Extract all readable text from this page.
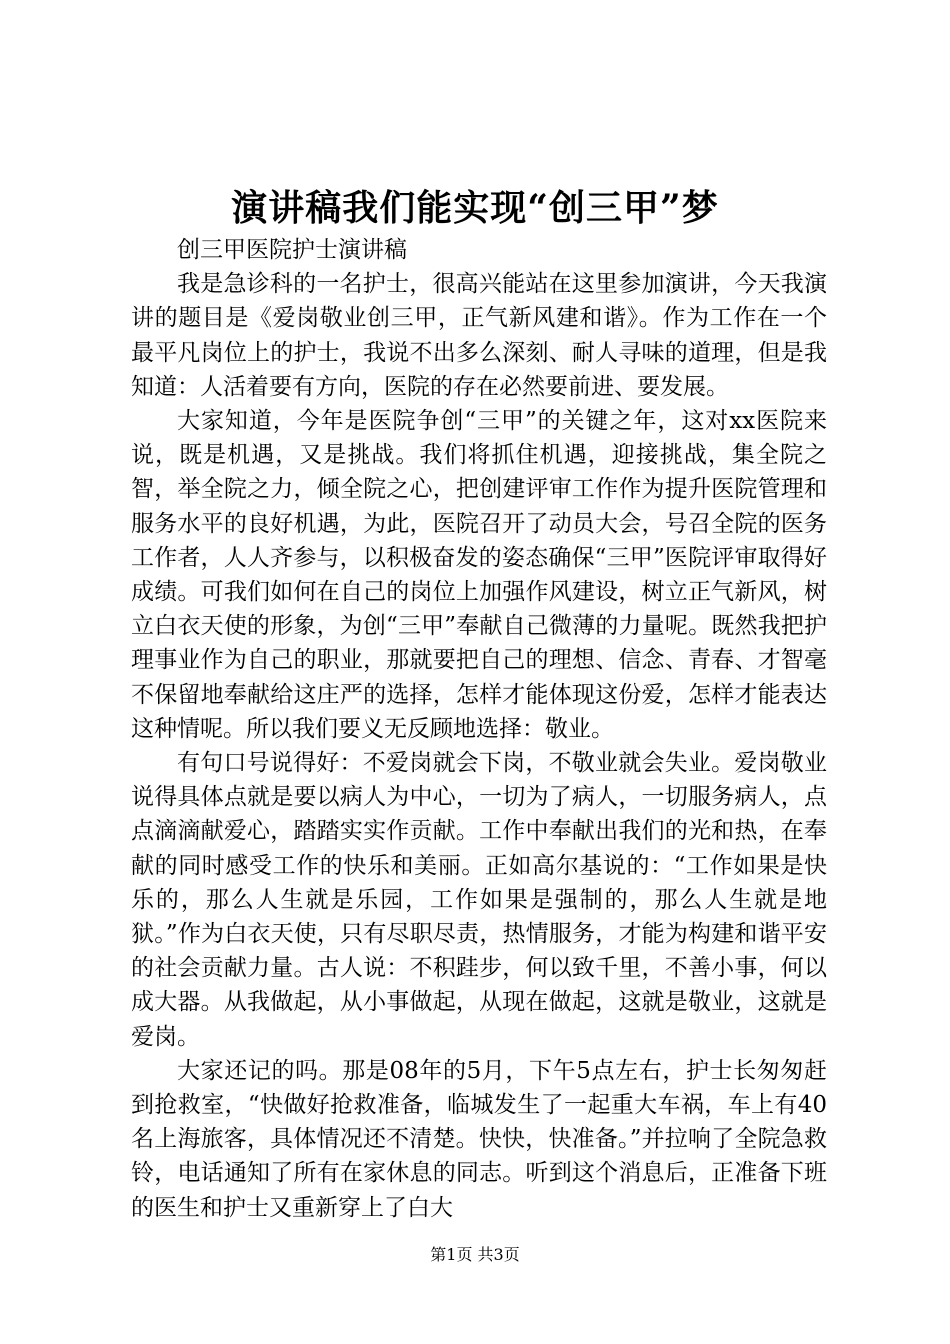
演讲稿我们能实现“创三甲”梦
创三甲医院护士演讲稿

我是急诊科的一名护士，很高兴能站在这里参加演讲，今天我演讲的题目是《爱岗敬业创三甲，正气新风建和谐》。作为工作在一个最平凡岗位上的护士，我说不出多么深刻、耐人寻味的道理，但是我知道：人活着要有方向，医院的存在必然要前进、要发展。

大家知道，今年是医院争创“三甲”的关键之年，这对xx医院来说，既是机遇，又是挑战。我们将抓住机遇，迎接挑战，集全院之智，举全院之力，倾全院之心，把创建评审工作作为提升医院管理和服务水平的良好机遇，为此，医院召开了动员大会，号召全院的医务工作者，人人齐参与，以积极奋发的姿态确保“三甲”医院评审取得好成绩。可我们如何在自己的岗位上加强作风建设，树立正气新风，树立白衣天使的形象，为创“三甲”奉献自己微薄的力量呢。既然我把护理事业作为自己的职业，那就要把自己的理想、信念、青春、才智毫不保留地奉献给这庄严的选择，怎样才能体现这份爱，怎样才能表达这种情呢。所以我们要义无反顾地选择：敬业。

有句口号说得好：不爱岗就会下岗，不敬业就会失业。爱岗敬业说得具体点就是要以病人为中心，一切为了病人，一切服务病人，点点滴滴献爱心，踏踏实实作贡献。工作中奉献出我们的光和热，在奉献的同时感受工作的快乐和美丽。正如高尔基说的：“工作如果是快乐的，那么人生就是乐园，工作如果是强制的，那么人生就是地狱。”作为白衣天使，只有尽职尽责，热情服务，才能为构建和谐平安的社会贡献力量。古人说：不积跬步，何以致千里，不善小事，何以成大器。从我做起，从小事做起，从现在做起，这就是敬业，这就是爱岗。

大家还记的吗。那是08年的5月，下午5点左右，护士长匆匆赶到抢救室，“快做好抢救准备，临城发生了一起重大车祸，车上有40名上海旅客，具体情况还不清楚。快快，快准备。”并拉响了全院急救铃，电话通知了所有在家休息的同志。听到这个消息后，正准备下班的医生和护士又重新穿上了白大

第1页 共3页
